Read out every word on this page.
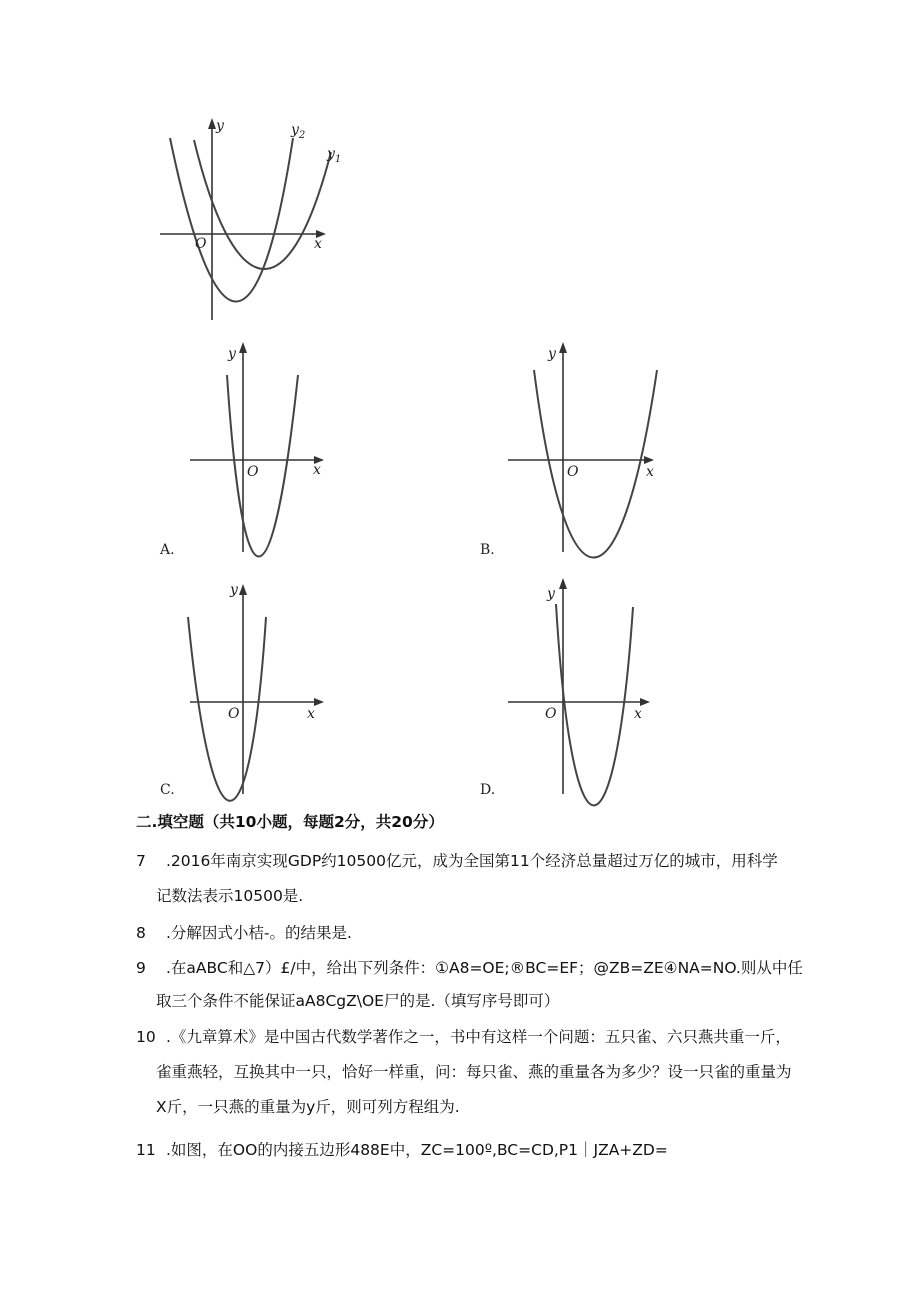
y
x
O
$y_2$
$y_1$
y
x
O
A.
y
x
O
B.
y
x
O
C.
y
x
O
D.
二.填空题（共10小题，每题2分，共20分）
7 .2016年南京实现GDP约10500亿元，成为全国第11个经济总量超过万亿的城市，用科学
记数法表示10500是.
8 .分解因式小桔-。的结果是.
9 .在aABC和△7）£/中，给出下列条件：①A8=OE;®BC=EF；@ZB=ZE④NA=NO.则从中任
取三个条件不能保证aA8CgZ\OE尸的是.（填写序号即可）
10 .《九章算术》是中国古代数学著作之一，书中有这样一个问题：五只雀、六只燕共重一斤，
雀重燕轻，互换其中一只，恰好一样重，问：每只雀、燕的重量各为多少？设一只雀的重量为
X斤，一只燕的重量为y斤，则可列方程组为.
11 .如图，在OO的内接五边形488E中，ZC=100º,BC=CD,P1｜JZA+ZD=
